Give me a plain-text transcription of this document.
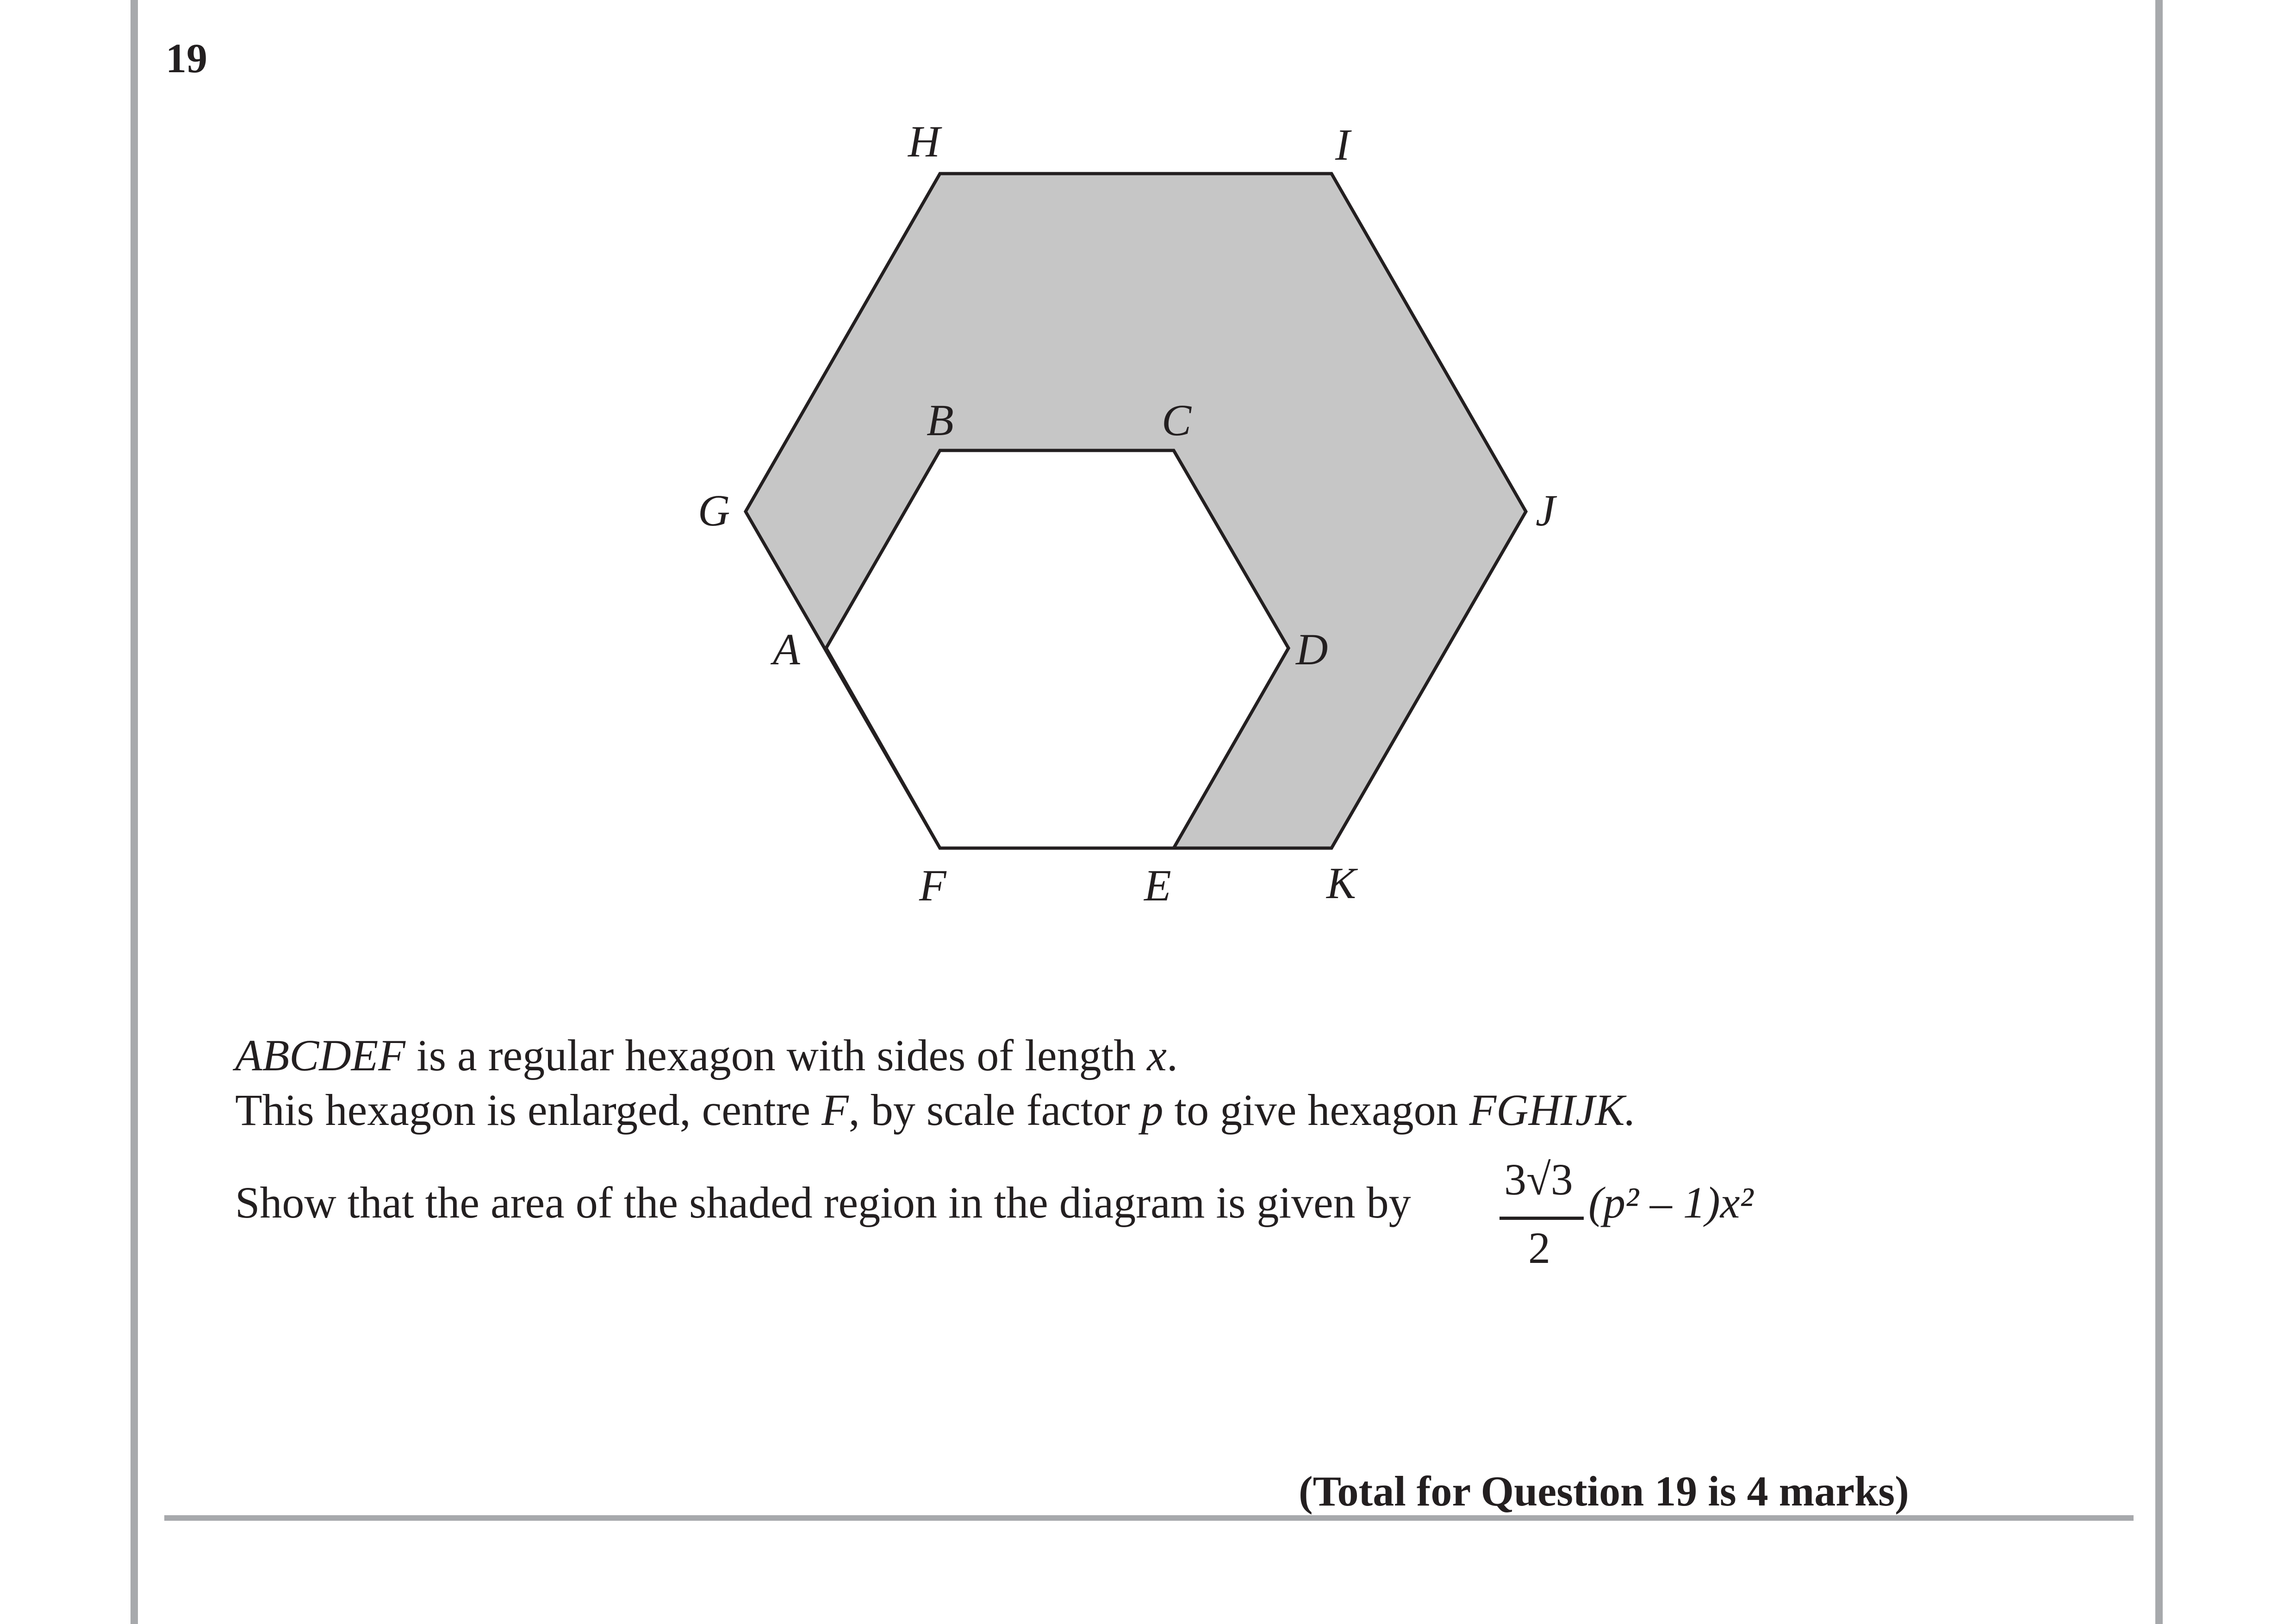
19
H	I
G	J
B	C
A	D
F	E	K
ABCDEF is a regular hexagon with sides of length x.
This hexagon is enlarged, centre F, by scale factor p to give hexagon FGHIJK.
Show that the area of the shaded region in the diagram is given by 3√3
2
(p² – 1)x²
(Total for Question 19 is 4 marks)
